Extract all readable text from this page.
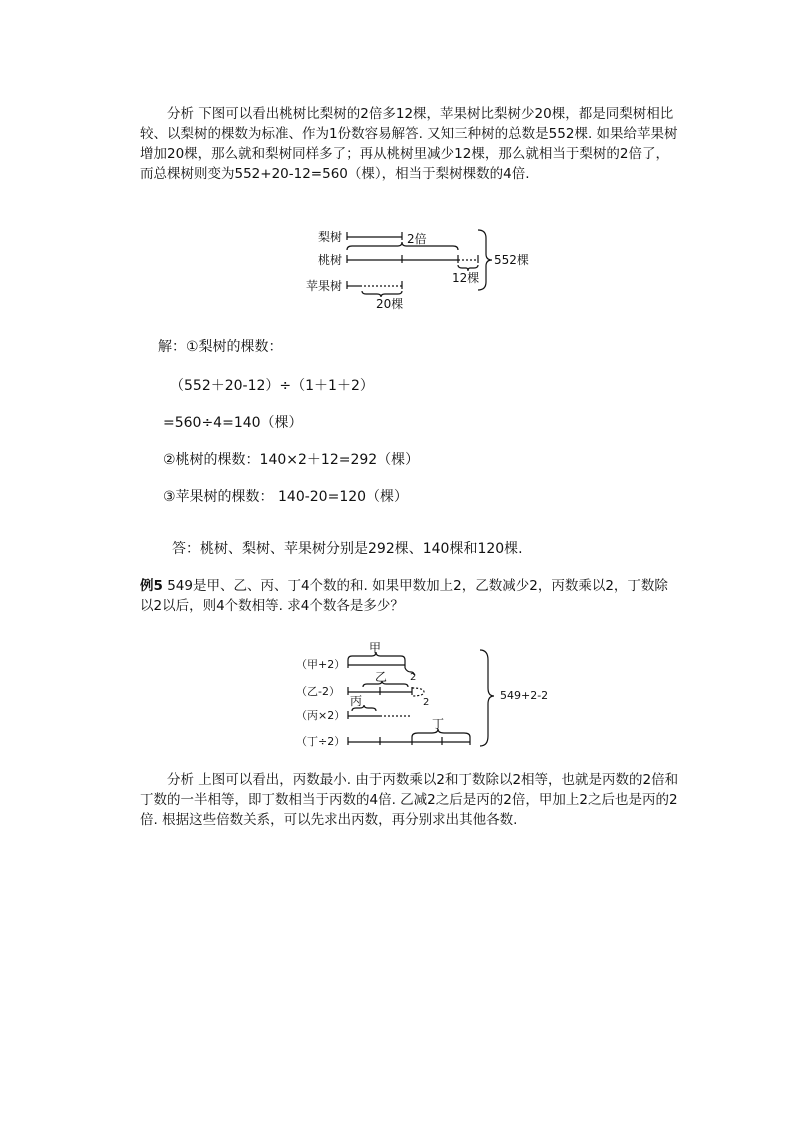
分析 下图可以看出桃树比梨树的2倍多12棵，苹果树比梨树少20棵，都是同梨树相比较、以梨树的棵数为标准、作为1份数容易解答. 又知三种树的总数是552棵. 如果给苹果树增加20棵，那么就和梨树同样多了；再从桃树里减少12棵，那么就相当于梨树的2倍了，而总棵树则变为552+20-12=560（棵），相当于梨树棵数的4倍.
梨树
桃树
苹果树
2倍
12棵
20棵
552棵
解：①梨树的棵数：
（552＋20-12）÷（1＋1＋2）
=560÷4=140（棵）
②桃树的棵数：140×2＋12=292（棵）
③苹果树的棵数： 140-20=120（棵）
答：桃树、梨树、苹果树分别是292棵、140棵和120棵.
例5 549是甲、乙、丙、丁4个数的和. 如果甲数加上2，乙数减少2，丙数乘以2，丁数除以2以后，则4个数相等. 求4个数各是多少？
（甲+2）
（乙-2）
（丙×2）
（丁÷2）
甲
乙
丙
丁
2
2
549+2-2
分析 上图可以看出，丙数最小. 由于丙数乘以2和丁数除以2相等，也就是丙数的2倍和丁数的一半相等，即丁数相当于丙数的4倍. 乙减2之后是丙的2倍，甲加上2之后也是丙的2倍. 根据这些倍数关系，可以先求出丙数，再分别求出其他各数.
